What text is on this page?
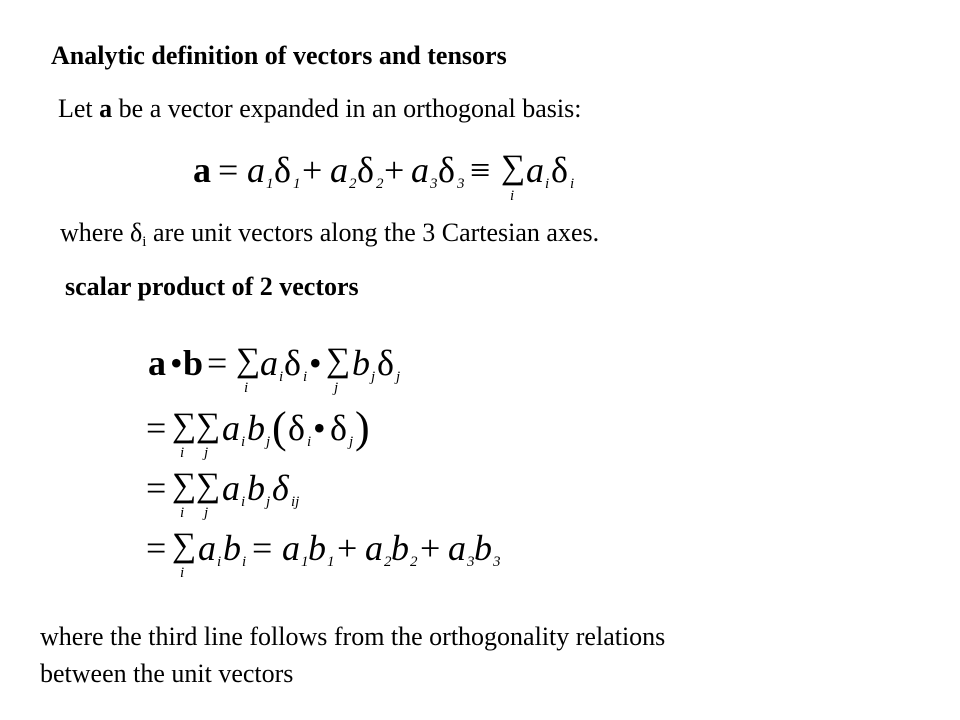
Analytic definition of vectors and tensors
Let a be a vector expanded in an orthogonal basis:
a = a 1 δ 1 + a 2 δ 2 + a 3 δ 3 ≡ ∑
i
a i δ i
where $\delta_i$ are unit vectors along the 3 Cartesian axes.
scalar product of 2 vectors
a • b = ∑
i
a i δ i • ∑
j
b j δ j
= ∑
i
∑
j
a i b j ( δ i • δ j )
= ∑
i
∑
j
a i b j δ ij
= ∑
i
a i b i = a 1 b 1 + a 2 b 2 + a 3 b 3
where the third line follows from the orthogonality relations between the unit vectors
